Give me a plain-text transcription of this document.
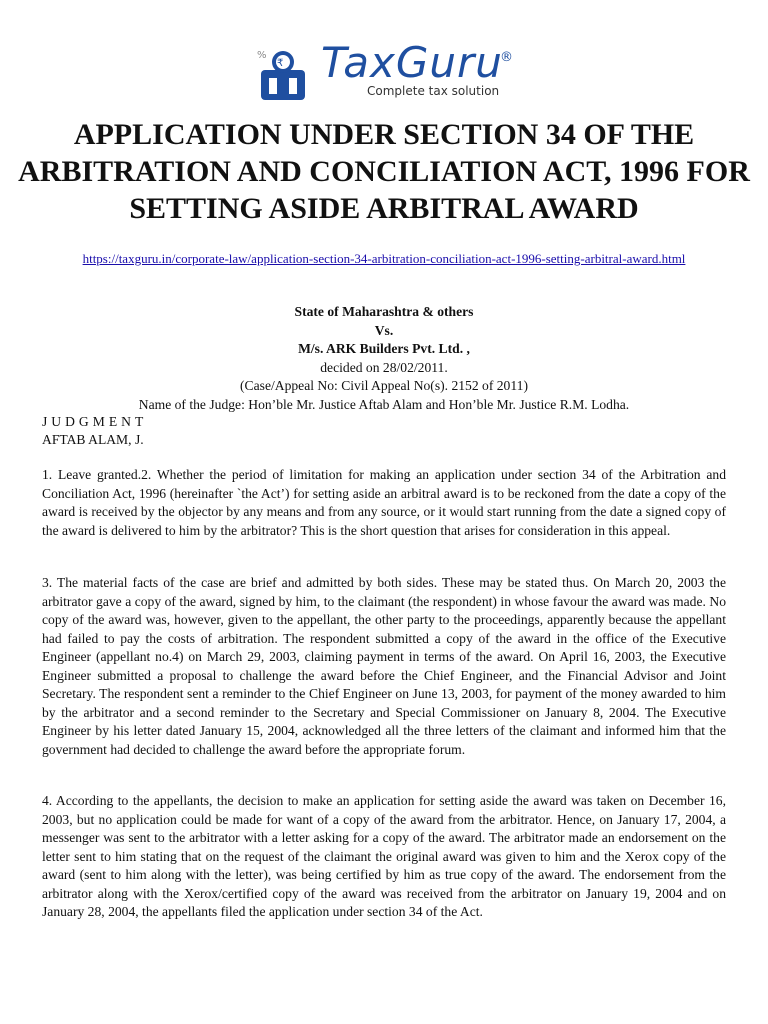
₹
% TaxGuru
®
Complete tax solution
APPLICATION UNDER SECTION 34 OF THE ARBITRATION AND CONCILIATION ACT, 1996 FOR SETTING ASIDE ARBITRAL AWARD
https://taxguru.in/corporate-law/application-section-34-arbitration-conciliation-act-1996-setting-arbitral-award.html
State of Maharashtra & others
Vs.
M/s. ARK Builders Pvt. Ltd. ,
decided on 28/02/2011.
(Case/Appeal No: Civil Appeal No(s). 2152 of 2011)
Name of the Judge: Hon’ble Mr. Justice Aftab Alam and Hon’ble Mr. Justice R.M. Lodha.
JUDGMENT
AFTAB ALAM, J.

1. Leave granted.2. Whether the period of limitation for making an application under section 34 of the Arbitration and Conciliation Act, 1996 (hereinafter `the Act’) for setting aside an arbitral award is to be reckoned from the date a copy of the award is received by the objector by any means and from any source, or it would start running from the date a signed copy of the award is delivered to him by the arbitrator? This is the short question that arises for consideration in this appeal.

3. The material facts of the case are brief and admitted by both sides. These may be stated thus. On March 20, 2003 the arbitrator gave a copy of the award, signed by him, to the claimant (the respondent) in whose favour the award was made. No copy of the award was, however, given to the appellant, the other party to the proceedings, apparently because the appellant had failed to pay the costs of arbitration. The respondent submitted a copy of the award in the office of the Executive Engineer (appellant no.4) on March 29, 2003, claiming payment in terms of the award. On April 16, 2003, the Executive Engineer submitted a proposal to challenge the award before the Chief Engineer, and the Financial Advisor and Joint Secretary. The respondent sent a reminder to the Chief Engineer on June 13, 2003, for payment of the money awarded to him by the arbitrator and a second reminder to the Secretary and Special Commissioner on January 8, 2004. The Executive Engineer by his letter dated January 15, 2004, acknowledged all the three letters of the claimant and informed him that the government had decided to challenge the award before the appropriate forum.

4. According to the appellants, the decision to make an application for setting aside the award was taken on December 16, 2003, but no application could be made for want of a copy of the award from the arbitrator. Hence, on January 17, 2004, a messenger was sent to the arbitrator with a letter asking for a copy of the award. The arbitrator made an endorsement on the letter sent to him stating that on the request of the claimant the original award was given to him and the Xerox copy of the award (sent to him along with the letter), was being certified by him as true copy of the award. The endorsement from the arbitrator along with the Xerox/certified copy of the award was received from the arbitrator on January 19, 2004 and on January 28, 2004, the appellants filed the application under section 34 of the Act.
